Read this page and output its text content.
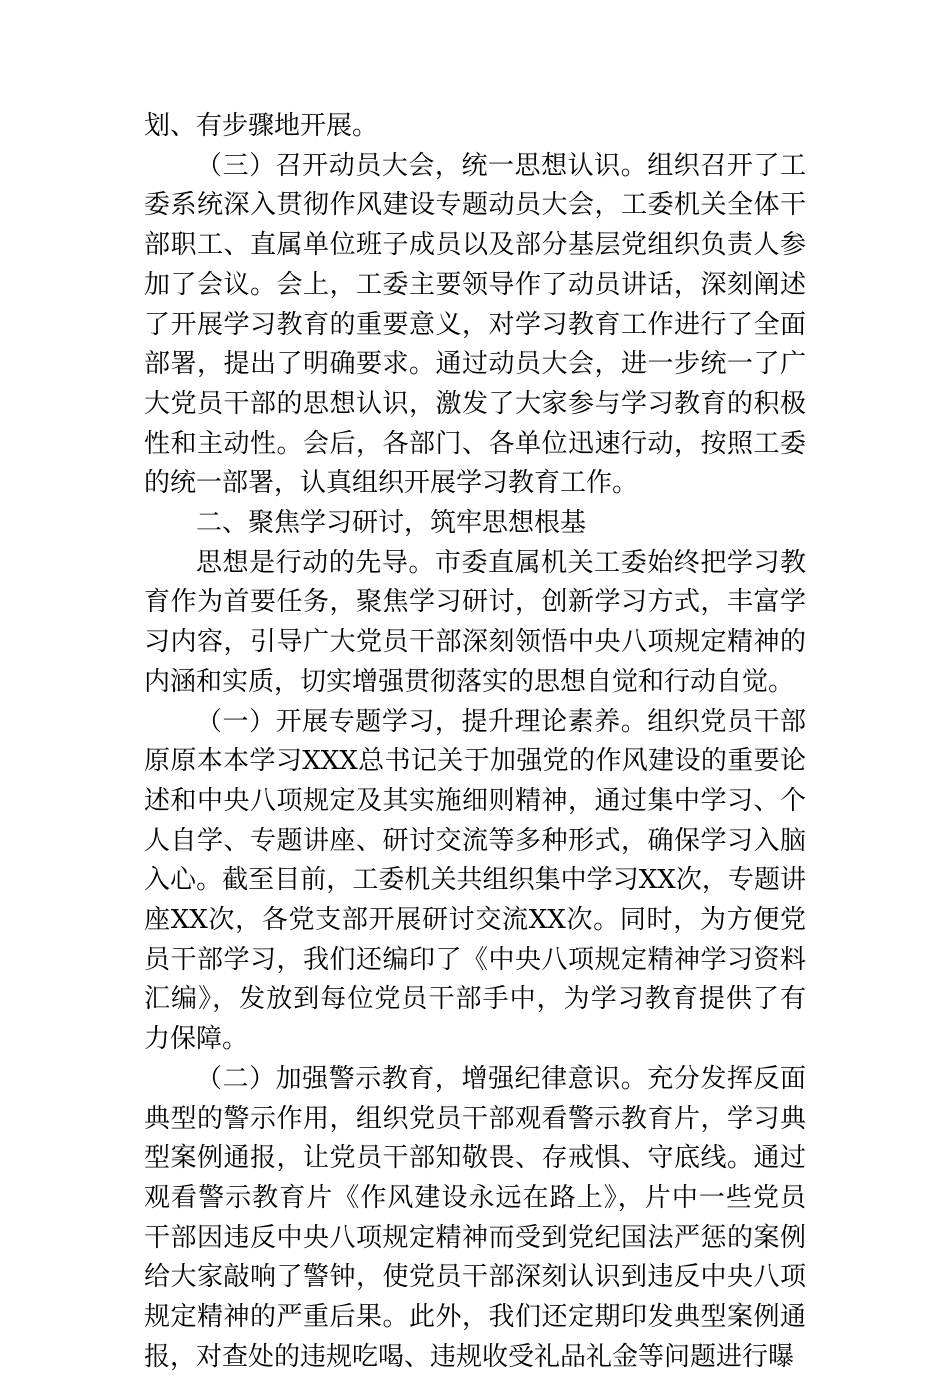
划、有步骤地开展。

（三）召开动员大会，统一思想认识。组织召开了工委系统深入贯彻作风建设专题动员大会，工委机关全体干部职工、直属单位班子成员以及部分基层党组织负责人参加了会议。会上，工委主要领导作了动员讲话，深刻阐述了开展学习教育的重要意义，对学习教育工作进行了全面部署，提出了明确要求。通过动员大会，进一步统一了广大党员干部的思想认识，激发了大家参与学习教育的积极性和主动性。会后，各部门、各单位迅速行动，按照工委的统一部署，认真组织开展学习教育工作。

二、聚焦学习研讨，筑牢思想根基

思想是行动的先导。市委直属机关工委始终把学习教育作为首要任务，聚焦学习研讨，创新学习方式，丰富学习内容，引导广大党员干部深刻领悟中央八项规定精神的内涵和实质，切实增强贯彻落实的思想自觉和行动自觉。

（一）开展专题学习，提升理论素养。组织党员干部原原本本学习XXX总书记关于加强党的作风建设的重要论述和中央八项规定及其实施细则精神，通过集中学习、个人自学、专题讲座、研讨交流等多种形式，确保学习入脑入心。截至目前，工委机关共组织集中学习XX次，专题讲座XX次，各党支部开展研讨交流XX次。同时，为方便党员干部学习，我们还编印了《中央八项规定精神学习资料汇编》，发放到每位党员干部手中，为学习教育提供了有力保障。

（二）加强警示教育，增强纪律意识。充分发挥反面典型的警示作用，组织党员干部观看警示教育片，学习典型案例通报，让党员干部知敬畏、存戒惧、守底线。通过观看警示教育片《作风建设永远在路上》，片中一些党员干部因违反中央八项规定精神而受到党纪国法严惩的案例给大家敲响了警钟，使党员干部深刻认识到违反中央八项规定精神的严重后果。此外，我们还定期印发典型案例通报，对查处的违规吃喝、违规收受礼品礼金等问题进行曝
